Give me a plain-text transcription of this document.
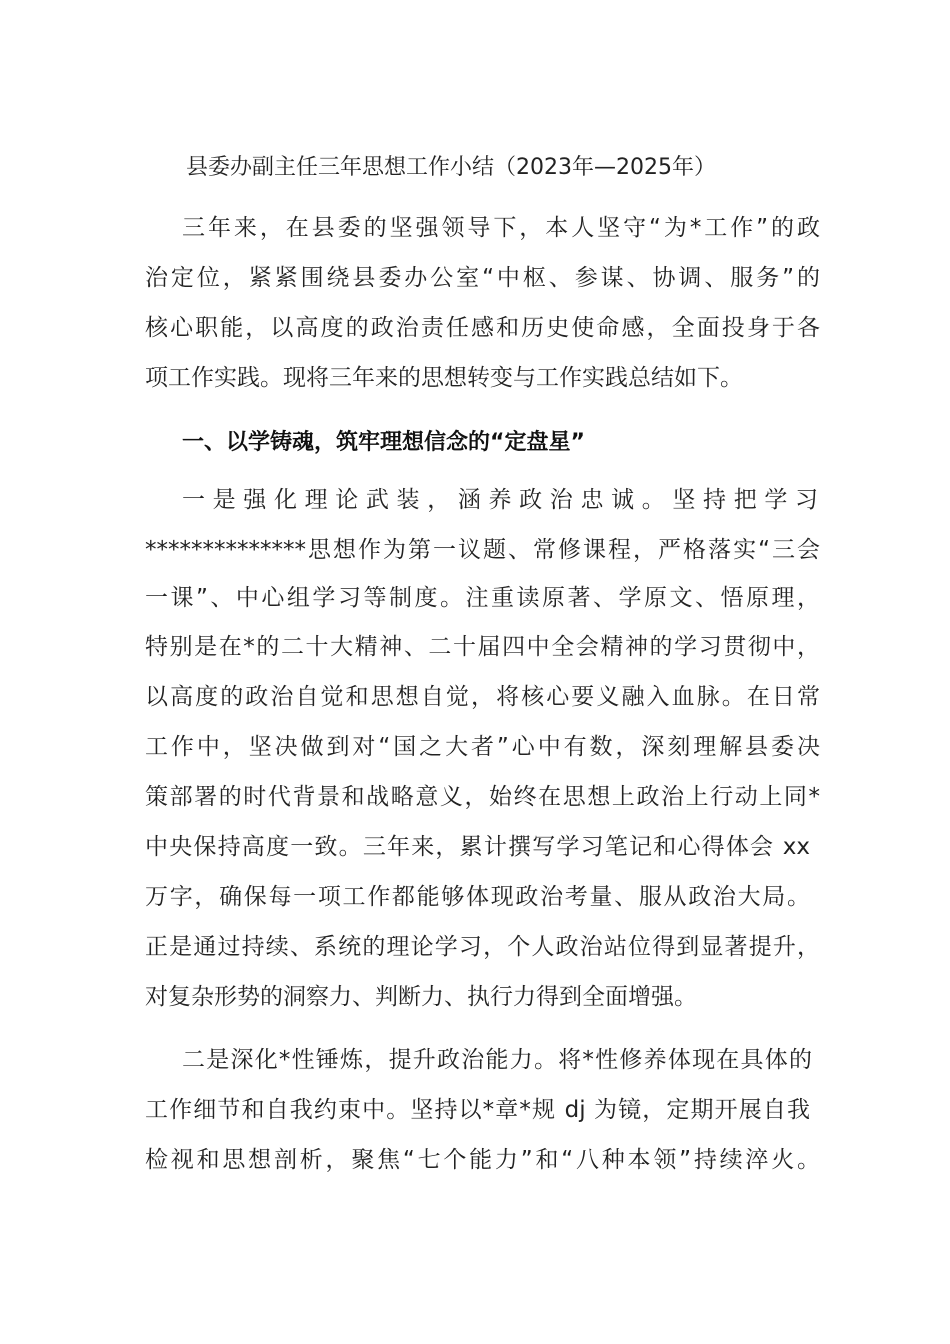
县委办副主任三年思想工作小结（2023年—2025年）
三年来，在县委的坚强领导下，本人坚守“为*工作”的政
治定位，紧紧围绕县委办公室“中枢、参谋、协调、服务”的
核心职能，以高度的政治责任感和历史使命感，全面投身于各
项工作实践。现将三年来的思想转变与工作实践总结如下。
一、以学铸魂，筑牢理想信念的“定盘星”
一是强化理论武装，涵养政治忠诚。坚持把学习
**************思想作为第一议题、常修课程，严格落实“三会
一课”、中心组学习等制度。注重读原著、学原文、悟原理，
特别是在*的二十大精神、二十届四中全会精神的学习贯彻中，
以高度的政治自觉和思想自觉，将核心要义融入血脉。在日常
工作中，坚决做到对“国之大者”心中有数，深刻理解县委决
策部署的时代背景和战略意义，始终在思想上政治上行动上同*
中央保持高度一致。三年来，累计撰写学习笔记和心得体会 xx
万字，确保每一项工作都能够体现政治考量、服从政治大局。
正是通过持续、系统的理论学习，个人政治站位得到显著提升，
对复杂形势的洞察力、判断力、执行力得到全面增强。
二是深化*性锤炼，提升政治能力。将*性修养体现在具体的
工作细节和自我约束中。坚持以*章*规 dj 为镜，定期开展自我
检视和思想剖析，聚焦“七个能力”和“八种本领”持续淬火。
